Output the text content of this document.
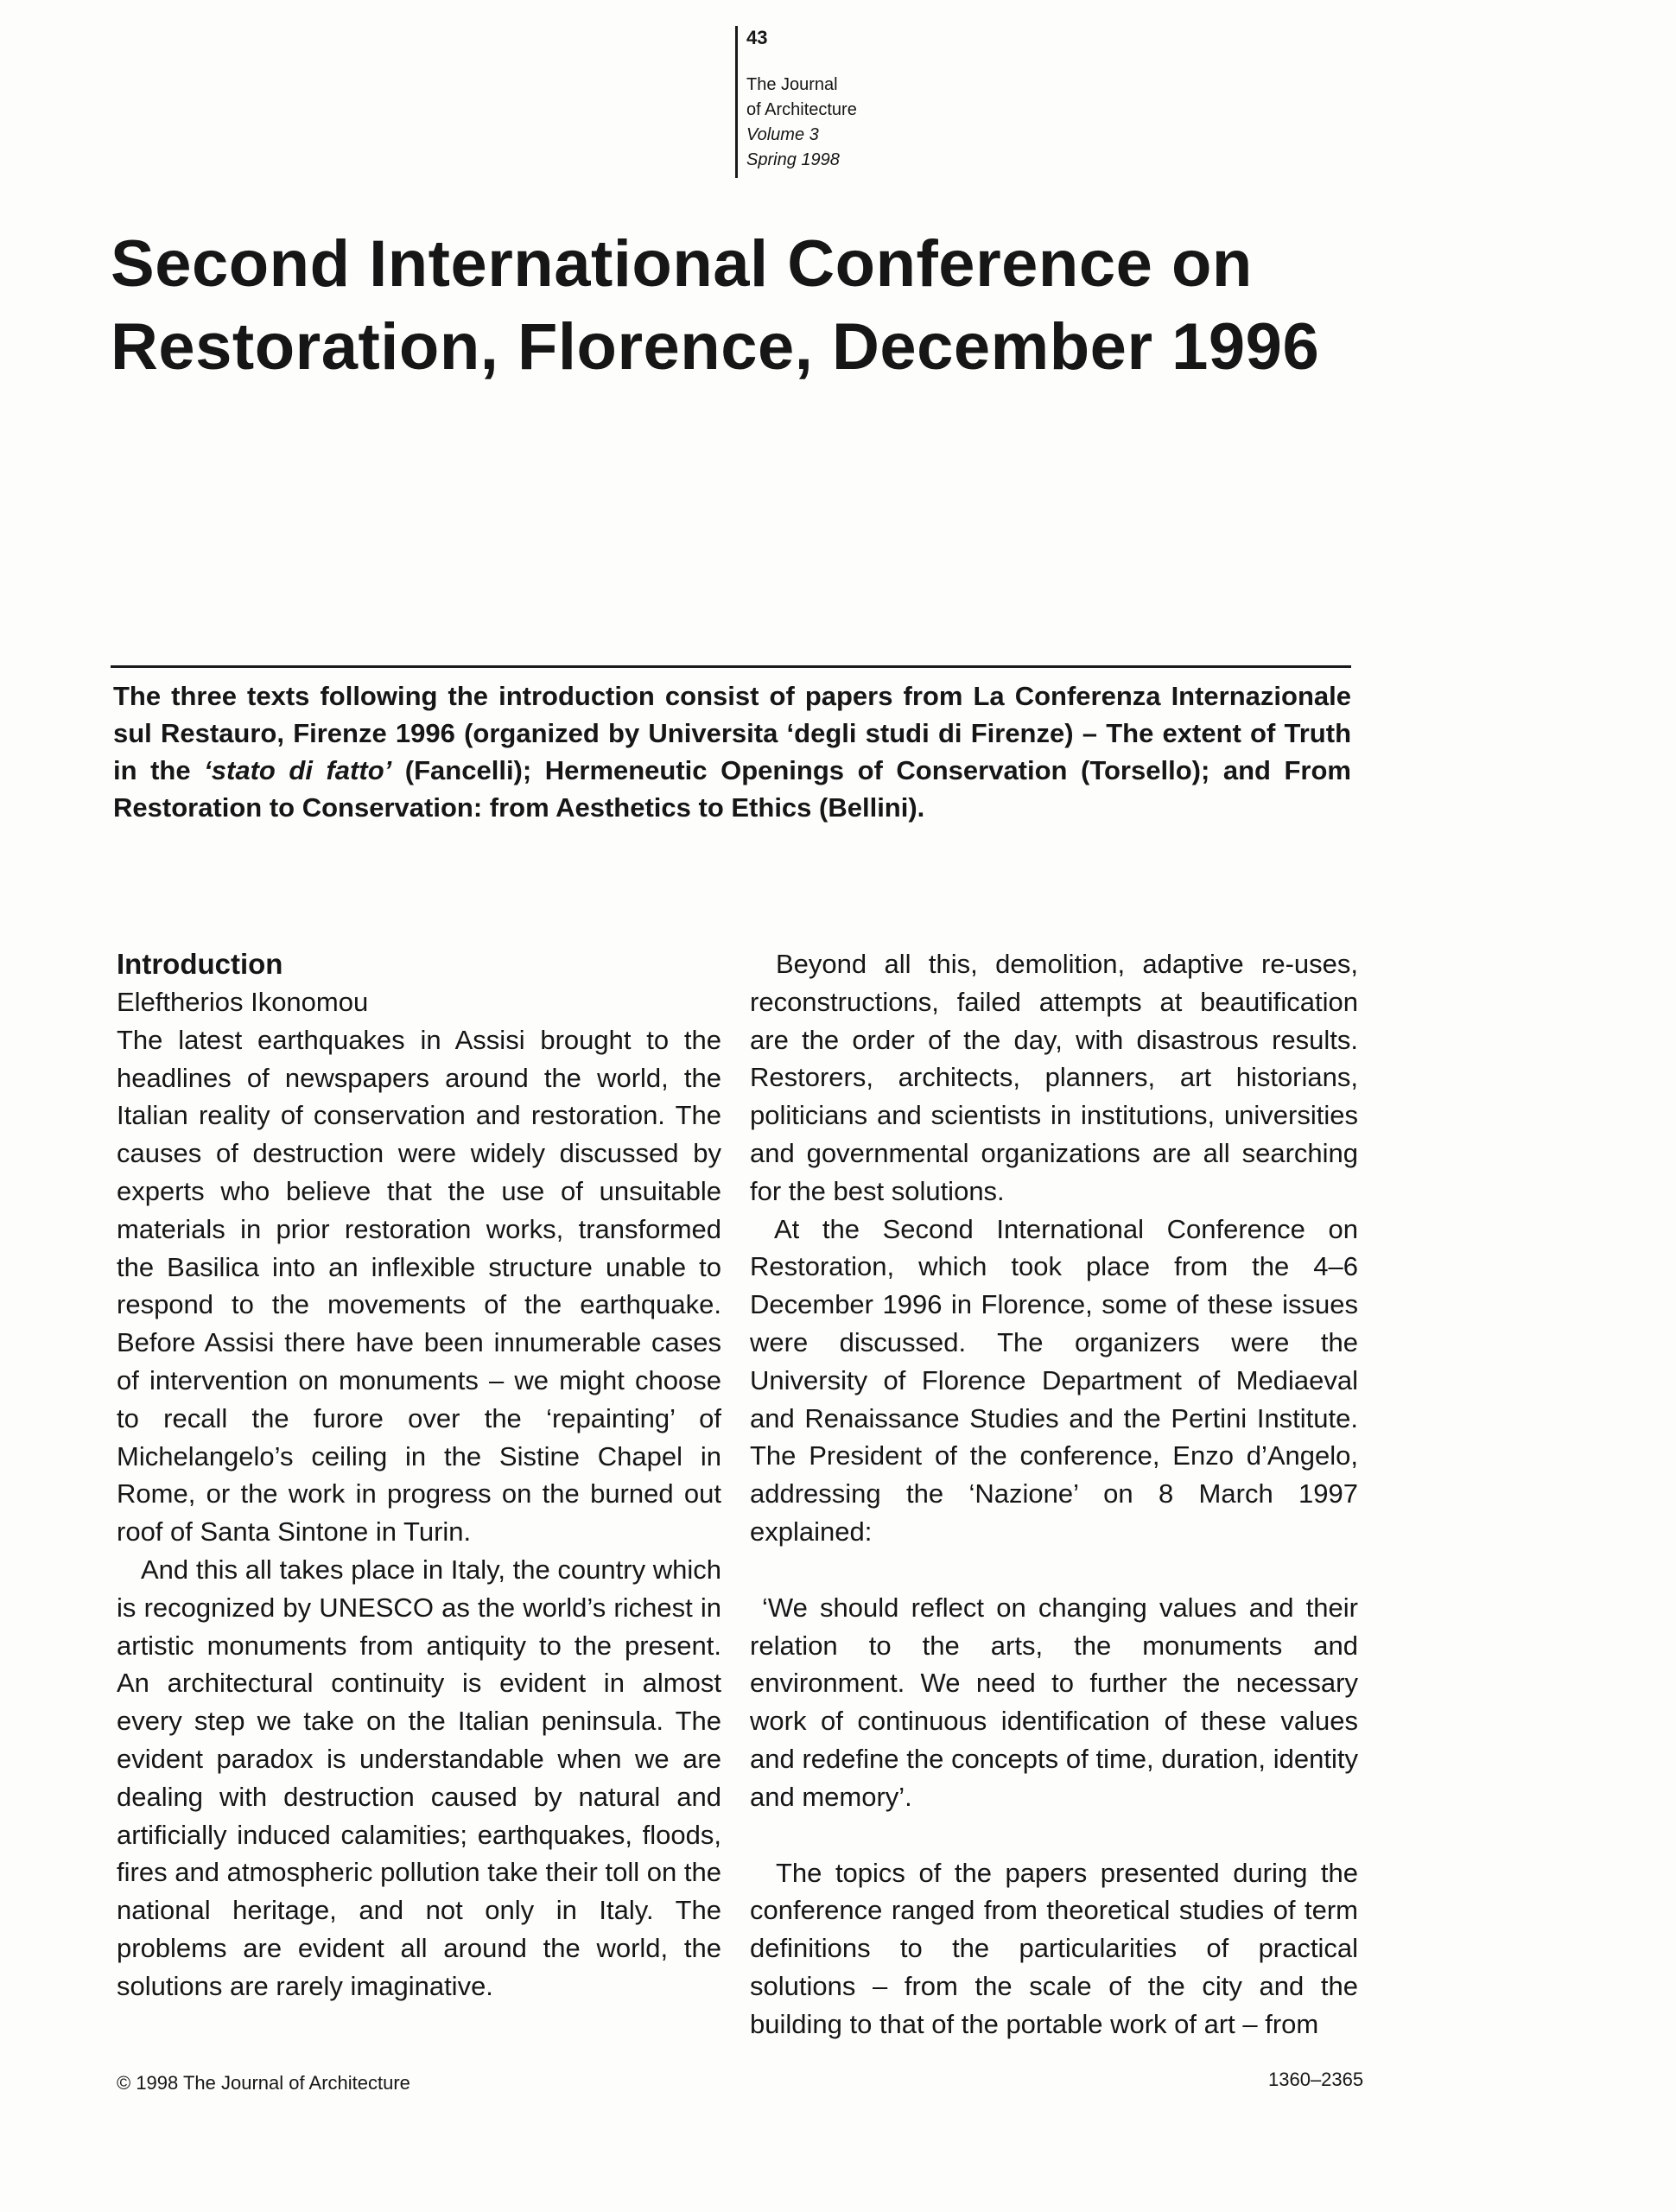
43
The Journal
of Architecture
Volume 3
Spring 1998
Second International Conference on Restoration, Florence, December 1996

The three texts following the introduction consist of papers from La Conferenza Internazionale sul Restauro, Firenze 1996 (organized by Universita ‘degli studi di Firenze) – The extent of Truth in the ‘stato di fatto’ (Fancelli); Hermeneutic Openings of Conservation (Torsello); and From Restoration to Conservation: from Aesthetics to Ethics (Bellini).

Introduction

Eleftherios Ikonomou

The latest earthquakes in Assisi brought to the headlines of newspapers around the world, the Italian reality of conservation and restoration. The causes of destruction were widely discussed by experts who believe that the use of unsuitable materials in prior restoration works, transformed the Basilica into an inflexible structure unable to respond to the movements of the earthquake. Before Assisi there have been innumerable cases of intervention on monuments – we might choose to recall the furore over the ‘repainting’ of Michelangelo’s ceiling in the Sistine Chapel in Rome, or the work in progress on the burned out roof of Santa Sintone in Turin.

And this all takes place in Italy, the country which is recognized by UNESCO as the world’s richest in artistic monuments from antiquity to the present. An architectural continuity is evident in almost every step we take on the Italian peninsula. The evident paradox is understandable when we are dealing with destruction caused by natural and artificially induced calamities; earthquakes, floods, fires and atmospheric pollution take their toll on the national heritage, and not only in Italy. The problems are evident all around the world, the solutions are rarely imaginative.

Beyond all this, demolition, adaptive re-uses, reconstructions, failed attempts at beautification are the order of the day, with disastrous results. Restorers, architects, planners, art historians, politicians and scientists in institutions, universities and governmental organizations are all searching for the best solutions.

At the Second International Conference on Restoration, which took place from the 4–6 December 1996 in Florence, some of these issues were discussed. The organizers were the University of Florence Department of Mediaeval and Renaissance Studies and the Pertini Institute. The President of the conference, Enzo d’Angelo, addressing the ‘Nazione’ on 8 March 1997 explained:

‘We should reflect on changing values and their relation to the arts, the monuments and environment. We need to further the necessary work of continuous identification of these values and redefine the concepts of time, duration, identity and memory’.

The topics of the papers presented during the conference ranged from theoretical studies of term definitions to the particularities of practical solutions – from the scale of the city and the building to that of the portable work of art – from

© 1998 The Journal of Architecture	1360–2365
